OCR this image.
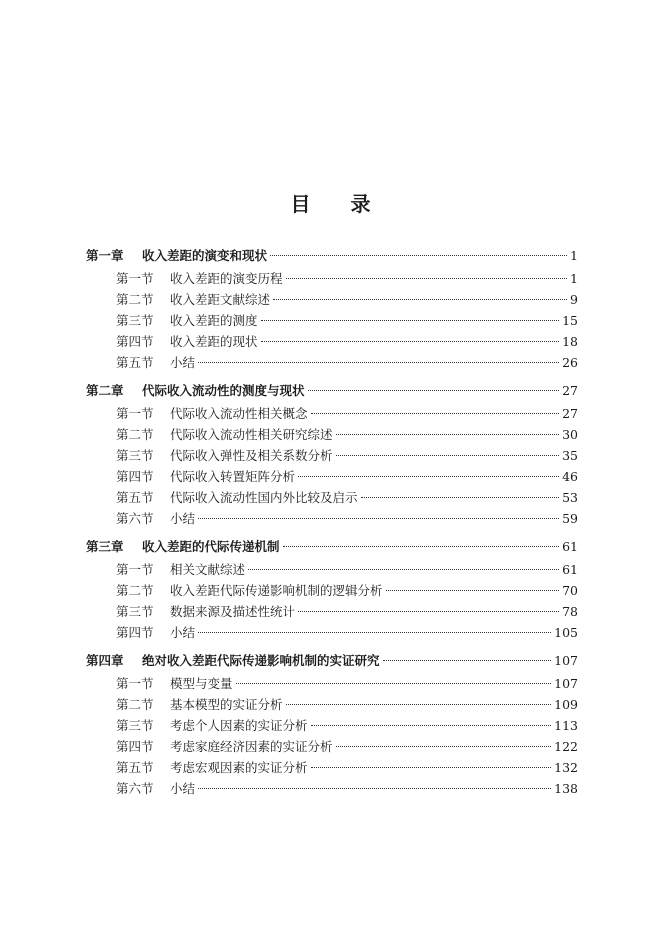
目 录
第一章	收入差距的演变和现状	1
第一节	收入差距的演变历程	1
第二节	收入差距文献综述	9
第三节	收入差距的测度	15
第四节	收入差距的现状	18
第五节	小结	26
第二章	代际收入流动性的测度与现状	27
第一节	代际收入流动性相关概念	27
第二节	代际收入流动性相关研究综述	30
第三节	代际收入弹性及相关系数分析	35
第四节	代际收入转置矩阵分析	46
第五节	代际收入流动性国内外比较及启示	53
第六节	小结	59
第三章	收入差距的代际传递机制	61
第一节	相关文献综述	61
第二节	收入差距代际传递影响机制的逻辑分析	70
第三节	数据来源及描述性统计	78
第四节	小结	105
第四章	绝对收入差距代际传递影响机制的实证研究	107
第一节	模型与变量	107
第二节	基本模型的实证分析	109
第三节	考虑个人因素的实证分析	113
第四节	考虑家庭经济因素的实证分析	122
第五节	考虑宏观因素的实证分析	132
第六节	小结	138
